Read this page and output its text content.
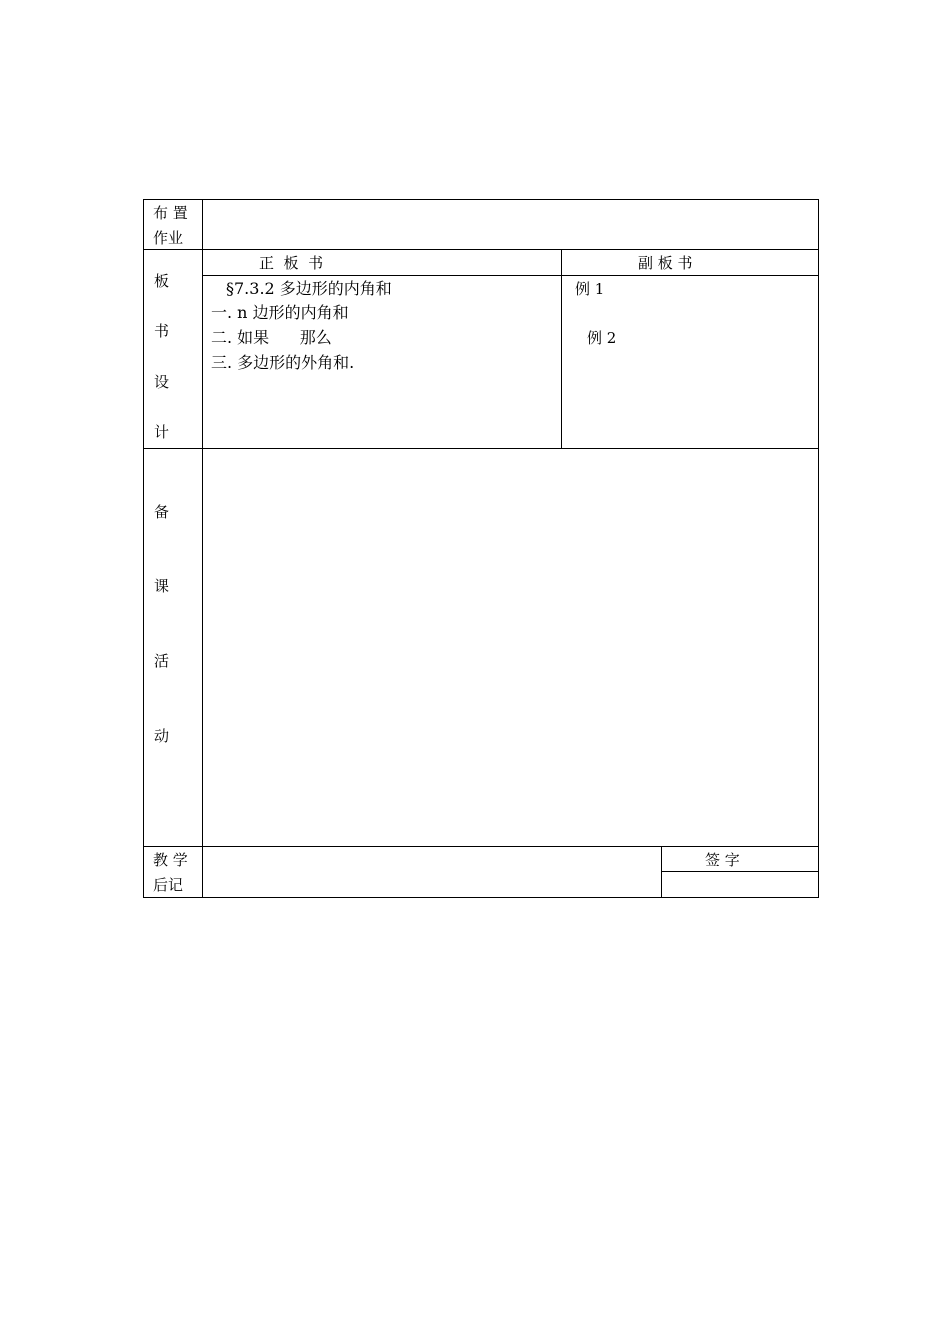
布 置
作业
板
书
设
计
正  板  书	副 板 书
§7.3.2 多边形的内角和
一. n 边形的内角和
二. 如果      那么
三. 多边形的外角和.
例 1
例 2
备
课
活
动
教 学
后记
签 字
